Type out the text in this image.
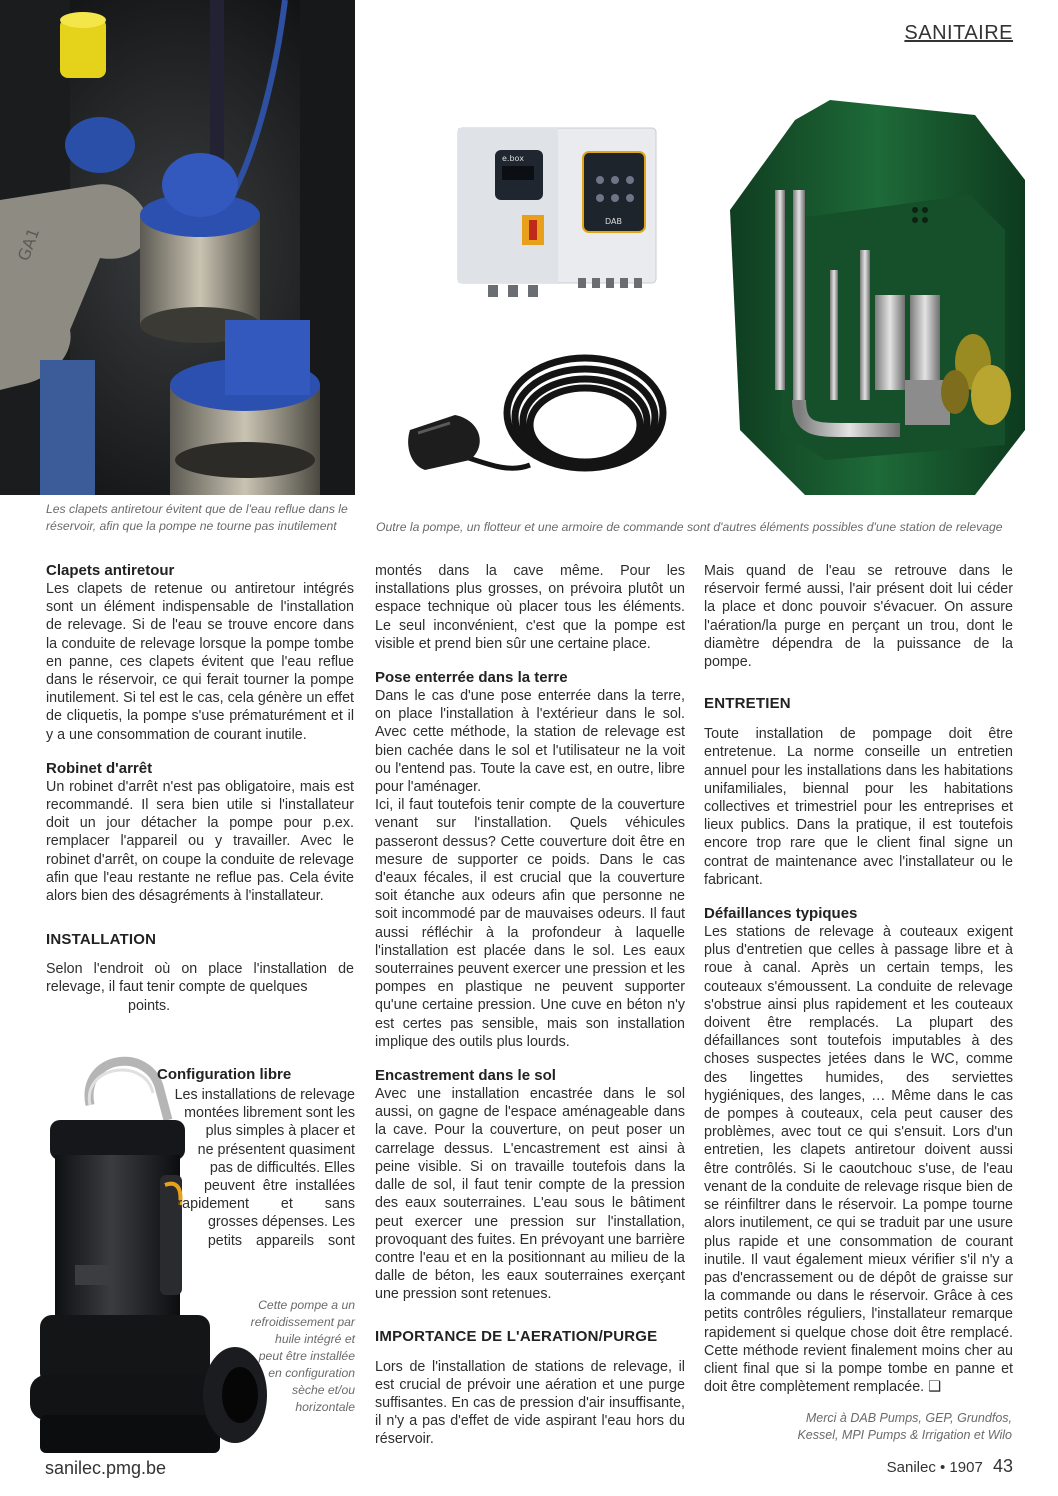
SANITAIRE
GA1
Les clapets antiretour évitent que de l'eau reflue dans le réservoir, afin que la pompe ne tourne pas inutilement
e.box
DAB
Outre la pompe, un flotteur et une armoire de commande sont d'autres éléments possibles d'une station de relevage
Clapets antiretour

Les clapets de retenue ou antiretour intégrés sont un élément indispensable de l'installation de relevage. Si de l'eau se trouve encore dans la conduite de relevage lorsque la pompe tombe en panne, ces clapets évitent que l'eau reflue dans le réservoir, ce qui ferait tourner la pompe inutilement. Si tel est le cas, cela génère un effet de cliquetis, la pompe s'use prématurément et il y a une consommation de courant inutile.

Robinet d'arrêt

Un robinet d'arrêt n'est pas obligatoire, mais est recommandé. Il sera bien utile si l'installateur doit un jour détacher la pompe pour p.ex. remplacer l'appareil ou y travailler. Avec le robinet d'arrêt, on coupe la conduite de relevage afin que l'eau restante ne reflue pas. Cela évite alors bien des désagréments à l'installateur.

INSTALLATION

Selon l'endroit où on place l'installation de relevage, il faut tenir compte de quelques

points.

Configuration libre
Les installations de relevage
montées librement sont les
plus simples à placer et
ne présentent quasiment
pas de difficultés. Elles
peuvent être installées
rapidement et sans
grosses dépenses. Les
petits appareils sont
Cette pompe a un refroidissement par huile intégré et peut être installée en configuration sèche et/ou horizontale

montés dans la cave même. Pour les installations plus grosses, on prévoira plutôt un espace technique où placer tous les éléments. Le seul inconvénient, c'est que la pompe est visible et prend bien sûr une certaine place.

Pose enterrée dans la terre

Dans le cas d'une pose enterrée dans la terre, on place l'installation à l'extérieur dans le sol. Avec cette méthode, la station de relevage est bien cachée dans le sol et l'utilisateur ne la voit ou l'entend pas. Toute la cave est, en outre, libre pour l'aménager.

Ici, il faut toutefois tenir compte de la couverture venant sur l'installation. Quels véhicules passeront dessus? Cette couverture doit être en mesure de supporter ce poids. Dans le cas d'eaux fécales, il est crucial que la couverture soit étanche aux odeurs afin que personne ne soit incommodé par de mauvaises odeurs. Il faut aussi réfléchir à la profondeur à laquelle l'installation est placée dans le sol. Les eaux souterraines peuvent exercer une pression et les pompes en plastique ne peuvent supporter qu'une certaine pression. Une cuve en béton n'y est certes pas sensible, mais son installation implique des outils plus lourds.

Encastrement dans le sol

Avec une installation encastrée dans le sol aussi, on gagne de l'espace aménageable dans la cave. Pour la couverture, on peut poser un carrelage dessus. L'encastrement est ainsi à peine visible. Si on travaille toutefois dans la dalle de sol, il faut tenir compte de la pression des eaux souterraines. L'eau sous le bâtiment peut exercer une pression sur l'installation, provoquant des fuites. En prévoyant une barrière contre l'eau et en la positionnant au milieu de la dalle de béton, les eaux souterraines exerçant une pression sont retenues.

IMPORTANCE DE L'AERATION/PURGE

Lors de l'installation de stations de relevage, il est crucial de prévoir une aération et une purge suffisantes. En cas de pression d'air insuffisante, il n'y a pas d'effet de vide aspirant l'eau hors du réservoir.

Mais quand de l'eau se retrouve dans le réservoir fermé aussi, l'air présent doit lui céder la place et donc pouvoir s'évacuer. On assure l'aération/la purge en perçant un trou, dont le diamètre dépendra de la puissance de la pompe.

ENTRETIEN

Toute installation de pompage doit être entretenue. La norme conseille un entretien annuel pour les installations dans les habitations unifamiliales, biennal pour les habitations collectives et trimestriel pour les entreprises et lieux publics. Dans la pratique, il est toutefois encore trop rare que le client final signe un contrat de maintenance avec l'installateur ou le fabricant.

Défaillances typiques

Les stations de relevage à couteaux exigent plus d'entretien que celles à passage libre et à roue à canal. Après un certain temps, les couteaux s'émoussent. La conduite de relevage s'obstrue ainsi plus rapidement et les couteaux doivent être remplacés. La plupart des défaillances sont toutefois imputables à des choses suspectes jetées dans le WC, comme des lingettes humides, des serviettes hygiéniques, des langes, … Même dans le cas de pompes à couteaux, cela peut causer des problèmes, avec tout ce qui s'ensuit. Lors d'un entretien, les clapets antiretour doivent aussi être contrôlés. Si le caoutchouc s'use, de l'eau venant de la conduite de relevage risque bien de se réinfiltrer dans le réservoir. La pompe tourne alors inutilement, ce qui se traduit par une usure plus rapide et une consommation de courant inutile. Il vaut également mieux vérifier s'il n'y a pas d'encrassement ou de dépôt de graisse sur la commande ou dans le réservoir. Grâce à ces petits contrôles réguliers, l'installateur remarque rapidement si quelque chose doit être remplacé. Cette méthode revient finalement moins cher au client final que si la pompe tombe en panne et doit être complètement remplacée. ❑

Merci à DAB Pumps, GEP, Grundfos, Kessel, MPI Pumps & Irrigation et Wilo
sanilec.pmg.be	Sanilec • 1907 43
